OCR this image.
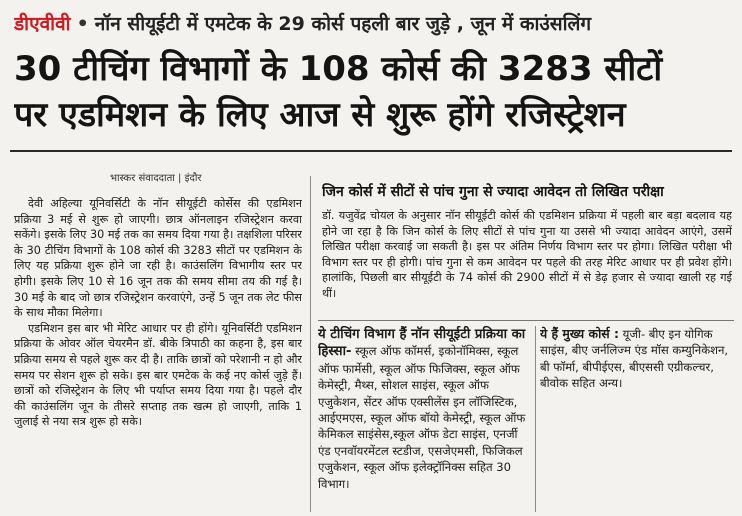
डीएवीवी • नॉन सीयूईटी में एमटेक के 29 कोर्स पहली बार जुड़े , जून में काउंसलिंग
30 टीचिंग विभागों के 108 कोर्स की 3283 सीटों
पर एडमिशन के लिए आज से शुरू होंगे रजिस्ट्रेशन
भास्कर संवाददाता | इंदौर

देवी अहिल्या यूनिवर्सिटी के नॉन सीयूईटी कोर्सेस की एडमिशन प्रक्रिया 3 मई से शुरू हो जाएगी। छात्र ऑनलाइन रजिस्ट्रेशन करवा सकेंगे। इसके लिए 30 मई तक का समय दिया गया है। तक्षशिला परिसर के 30 टीचिंग विभागों के 108 कोर्स की 3283 सीटों पर एडमिशन के लिए यह प्रक्रिया शुरू होने जा रही है। काउंसलिंग विभागीय स्तर पर होगी। इसके लिए 10 से 16 जून तक की समय सीमा तय की गई है। 30 मई के बाद जो छात्र रजिस्ट्रेशन करवाएंगे, उन्हें 5 जून तक लेट फीस के साथ मौका मिलेगा।

एडमिशन इस बार भी मेरिट आधार पर ही होंगे। यूनिवर्सिटी एडमिशन प्रक्रिया के ओवर ऑल चेयरमैन डॉ. बीके त्रिपाठी का कहना है, इस बार प्रक्रिया समय से पहले शुरू कर दी है। ताकि छात्रों को परेशानी न हो और समय पर सेशन शुरू हो सके। इस बार एमटेक के कई नए कोर्स जुड़े हैं। छात्रों को रजिस्ट्रेशन के लिए भी पर्याप्त समय दिया गया है। पहले दौर की काउंसलिंग जून के तीसरे सप्ताह तक खत्म हो जाएगी, ताकि 1 जुलाई से नया सत्र शुरू हो सके।

जिन कोर्स में सीटों से पांच गुना से ज्यादा आवेदन तो लिखित परीक्षा

डॉ. यजुवेंद्र चोयल के अनुसार नॉन सीयूईटी कोर्स की एडमिशन प्रक्रिया में पहली बार बड़ा बदलाव यह होने जा रहा है कि जिन कोर्स के लिए सीटों से पांच गुना या उससे भी ज्यादा आवेदन आएंगे, उसमें लिखित परीक्षा करवाई जा सकती है। इस पर अंतिम निर्णय विभाग स्तर पर होगा। लिखित परीक्षा भी विभाग स्तर पर ही होगी। पांच गुना से कम आवेदन पर पहले की तरह मेरिट आधार पर ही प्रवेश होंगे। हालांकि, पिछली बार सीयूईटी के 74 कोर्स की 2900 सीटों में से डेढ़ हजार से ज्यादा खाली रह गई थीं।

ये टीचिंग विभाग हैं नॉन सीयूईटी प्रक्रिया का हिस्सा- स्कूल ऑफ कॉमर्स, इकोनॉमिक्स, स्कूल ऑफ फार्मेसी, स्कूल ऑफ फिजिक्स, स्कूल ऑफ केमेस्ट्री, मैथ्स, सोशल साइंस, स्कूल ऑफ एजुकेशन, सेंटर ऑफ एक्सीलेंस इन लॉजिस्टिक, आईएमएस, स्कूल ऑफ बॉयो केमेस्ट्री, स्कूल ऑफ केमिकल साइंसेस,स्कूल ऑफ डेटा साइंस, एनर्जी एंड एनवॉयरमेंटल स्टडीज, एसजेएमसी, फिजिकल एजुकेशन, स्कूल ऑफ इलेक्ट्रॉनिक्स सहित 30 विभाग।
ये हैं मुख्य कोर्स : यूजी- बीए इन योगिक साइंस, बीए जर्नलिज्म एंड मॉस कम्युनिकेशन, बी फॉर्मा, बीपीईएस, बीएससी एग्रीकल्चर, बीवोक सहित अन्य।
